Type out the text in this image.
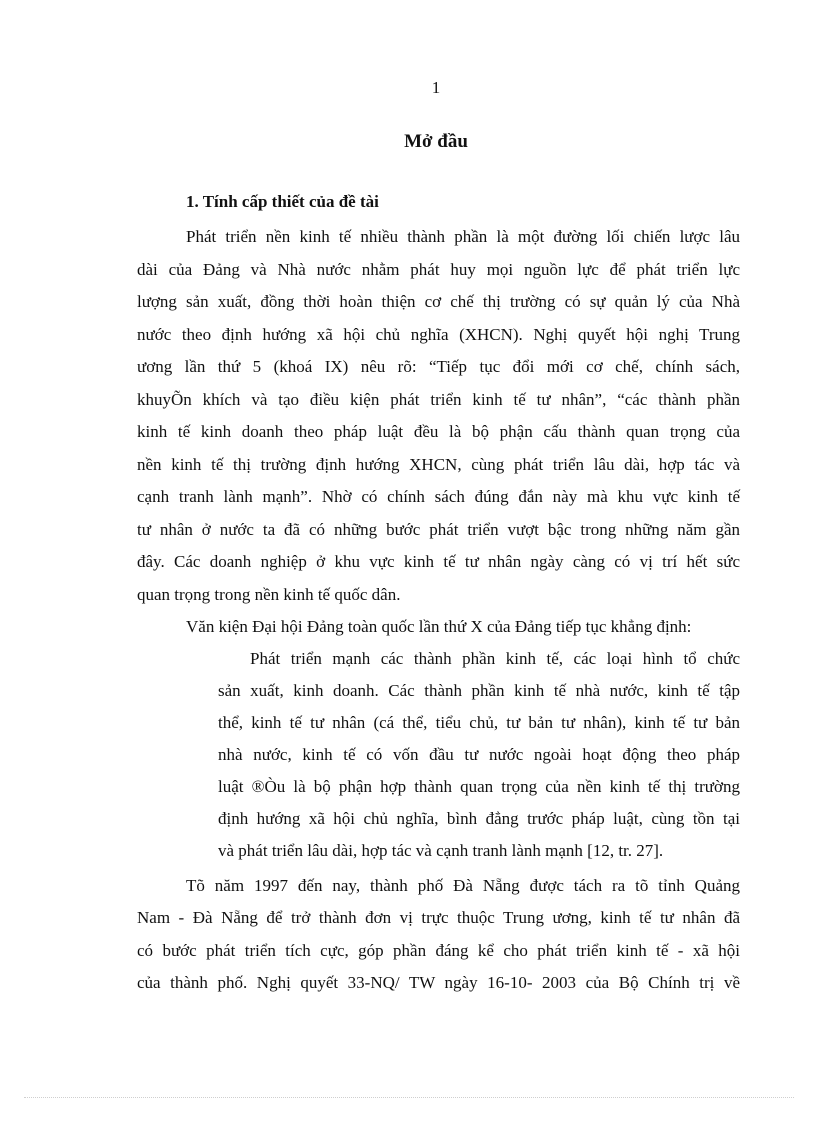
1
Mở đầu
1. Tính cấp thiết của đề tài

Phát triển nền kinh tế nhiều thành phần là một đường lối chiến lược lâu

dài của Đảng và Nhà nước nhằm phát huy mọi nguồn lực để phát triển lực

lượng sản xuất, đồng thời hoàn thiện cơ chế thị trường có sự quản lý của Nhà

nước theo định hướng xã hội chủ nghĩa (XHCN). Nghị quyết hội nghị Trung

ương lần thứ 5 (khoá IX) nêu rõ: “Tiếp tục đổi mới cơ chế, chính sách,

khuyÕn khích và tạo điều kiện phát triển kinh tế tư nhân”, “các thành phần

kinh tế kinh doanh theo pháp luật đều là bộ phận cấu thành quan trọng của

nền kinh tế thị trường định hướng XHCN, cùng phát triển lâu dài, hợp tác và

cạnh tranh lành mạnh”. Nhờ có chính sách đúng đắn này mà khu vực kinh tế

tư nhân ở nước ta đã có những bước phát triển vượt bậc trong những năm gần

đây. Các doanh nghiệp ở khu vực kinh tế tư nhân ngày càng có vị trí hết sức

quan trọng trong nền kinh tế quốc dân.

Văn kiện Đại hội Đảng toàn quốc lần thứ X của Đảng tiếp tục khẳng định:

Phát triển mạnh các thành phần kinh tế, các loại hình tổ chức

sản xuất, kinh doanh. Các thành phần kinh tế nhà nước, kinh tế tập

thể, kinh tế tư nhân (cá thể, tiểu chủ, tư bản tư nhân), kinh tế tư bản

nhà nước, kinh tế có vốn đầu tư nước ngoài hoạt động theo pháp

luật ®Òu là bộ phận hợp thành quan trọng của nền kinh tế thị trường

định hướng xã hội chủ nghĩa, bình đẳng trước pháp luật, cùng tồn tại

và phát triển lâu dài, hợp tác và cạnh tranh lành mạnh [12, tr. 27].

Tõ năm 1997 đến nay, thành phố Đà Nẵng được tách ra tõ tỉnh Quảng

Nam - Đà Nẵng để trở thành đơn vị trực thuộc Trung ương, kinh tế tư nhân đã

có bước phát triển tích cực, góp phần đáng kể cho phát triển kinh tế - xã hội

của thành phố. Nghị quyết 33-NQ/ TW ngày 16-10- 2003 của Bộ Chính trị về
